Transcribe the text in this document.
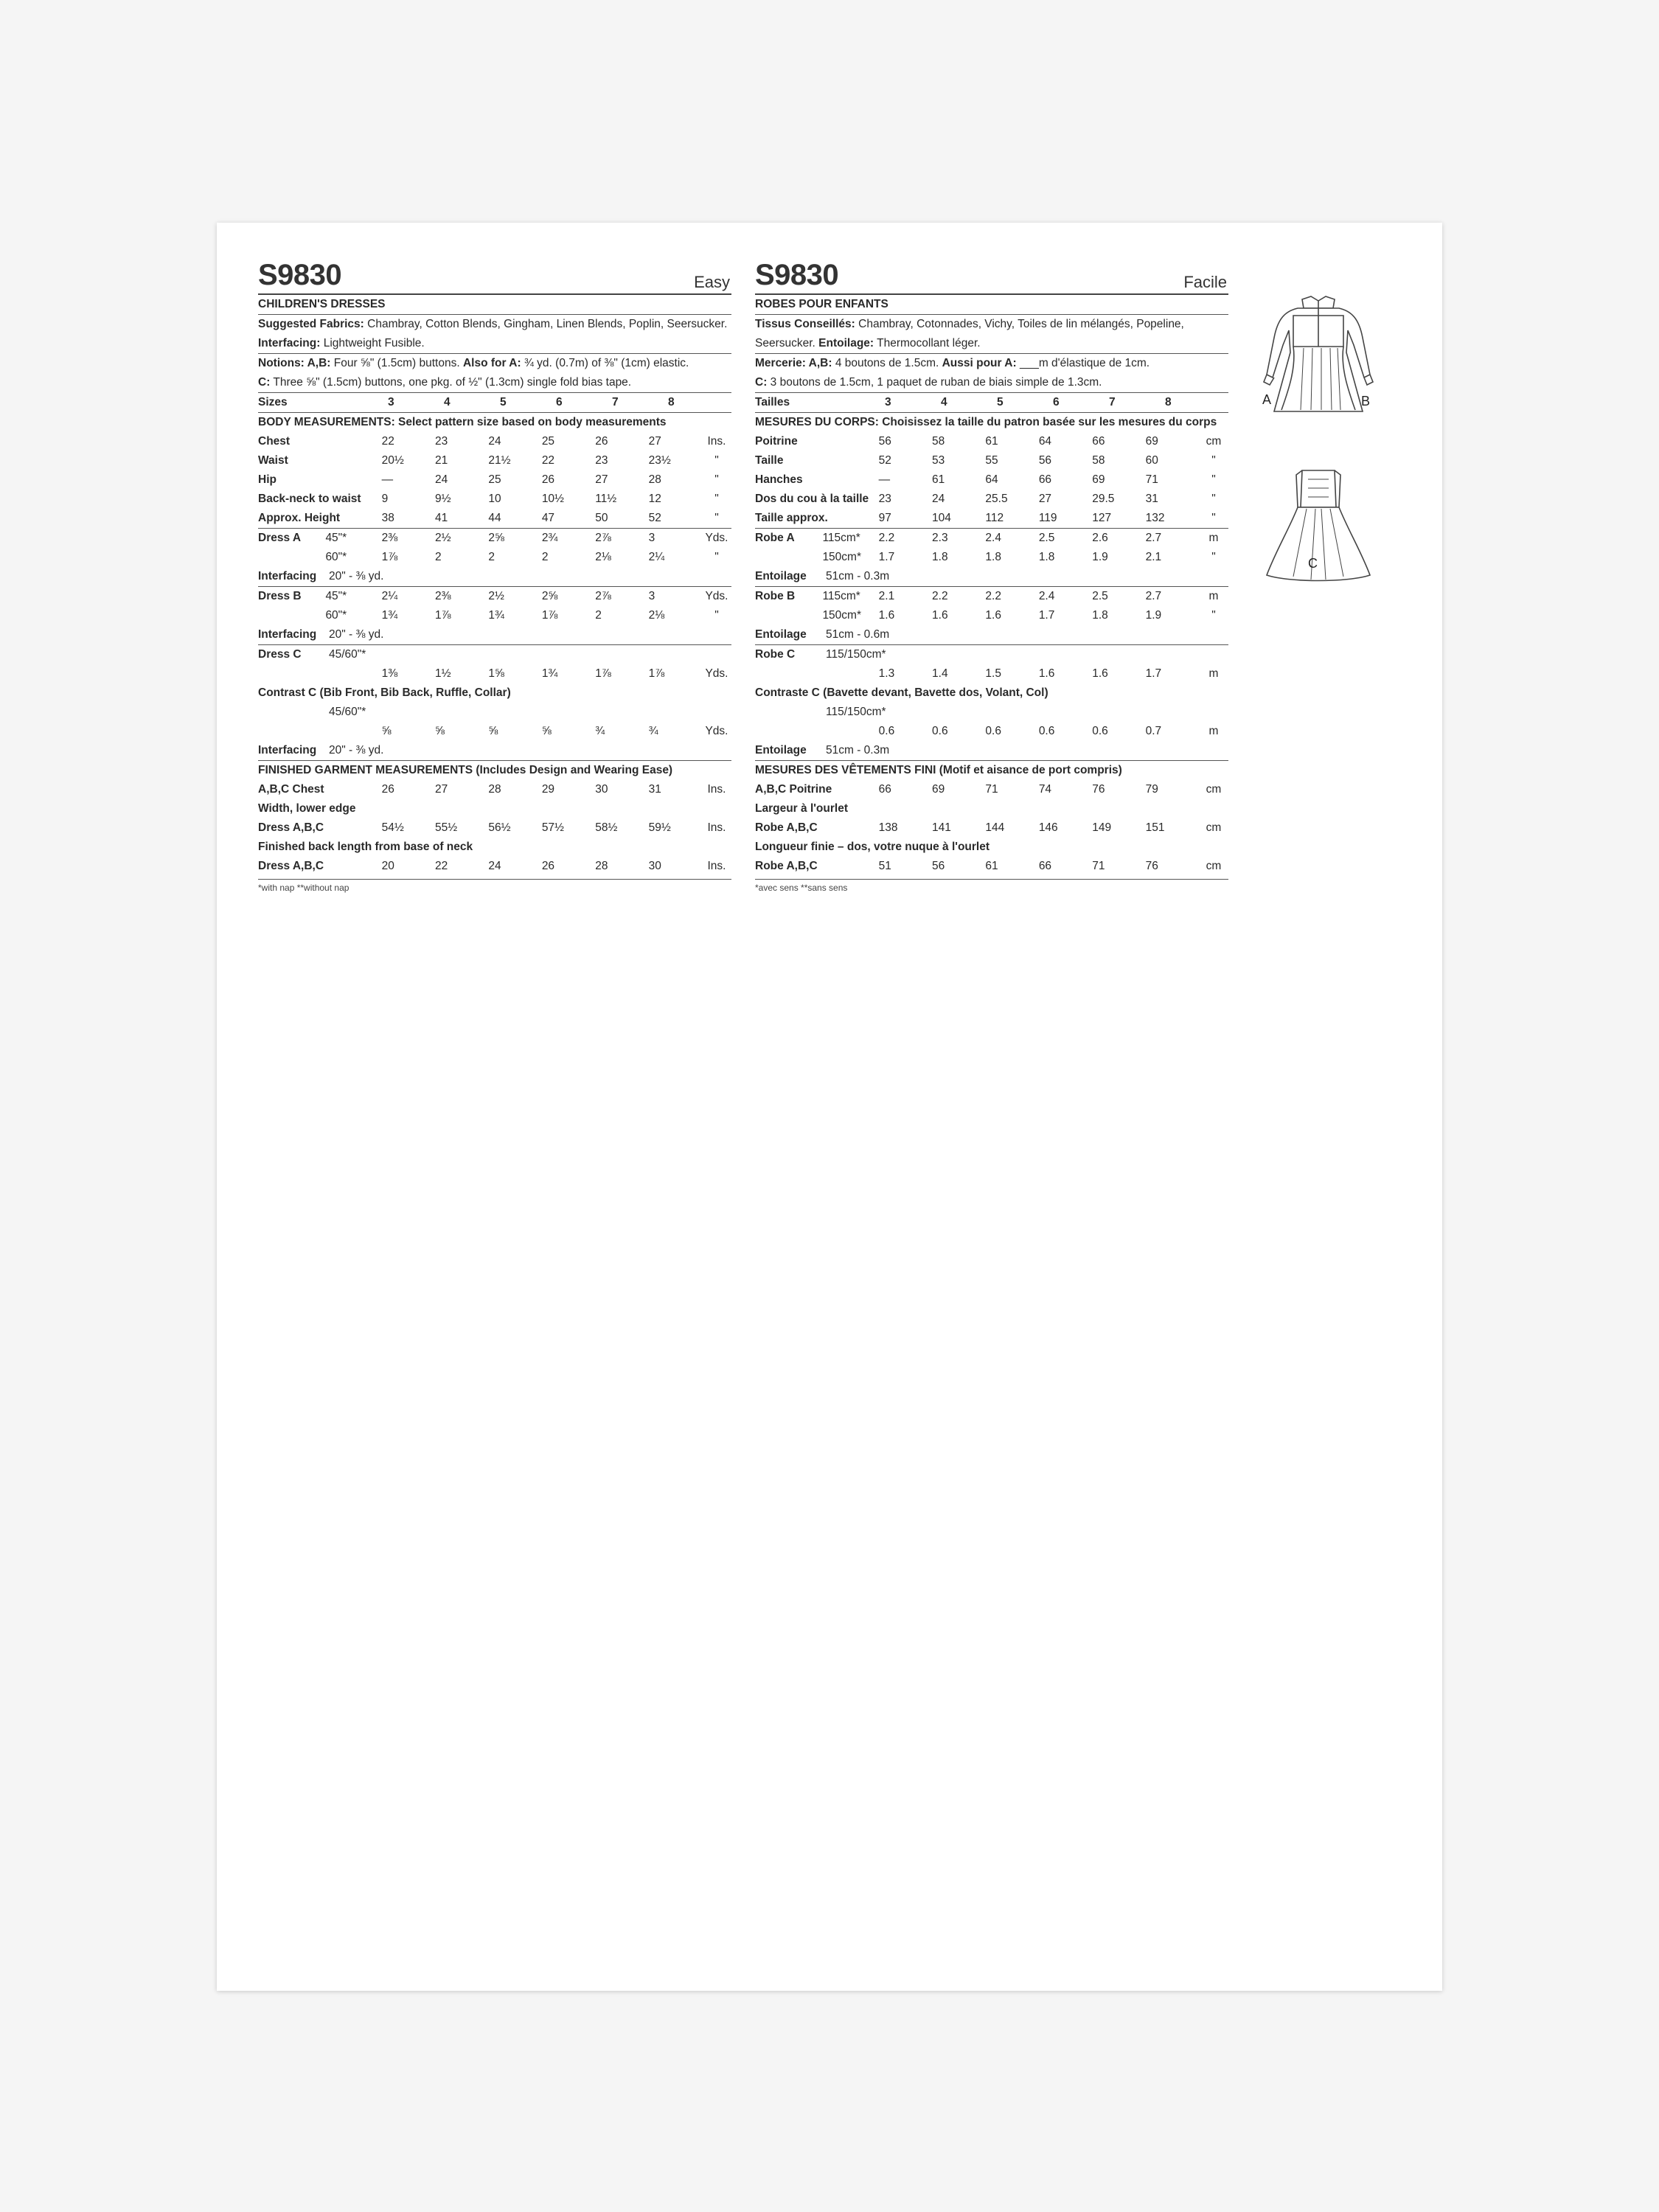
S9830	Easy
CHILDREN'S DRESSES
Suggested Fabrics: Chambray, Cotton Blends, Gingham, Linen Blends, Poplin, Seersucker. Interfacing: Lightweight Fusible.
Notions: A,B: Four ⅝" (1.5cm) buttons. Also for A: ¾ yd. (0.7m) of ⅜" (1cm) elastic.
C: Three ⅝" (1.5cm) buttons, one pkg. of ½" (1.3cm) single fold bias tape.
Sizes	3	4	5	6	7	8
BODY MEASUREMENTS: Select pattern size based on body measurements
Chest	22	23	24	25	26	27	Ins.
Waist	20½	21	21½	22	23	23½	"
Hip	—	24	25	26	27	28	"
Back-neck to waist	9	9½	10	10½	11½	12	"
Approx. Height	38	41	44	47	50	52	"
Dress A	45"*	2⅜	2½	2⅝	2¾	2⅞	3	Yds.
60"*	1⅞	2	2	2	2⅛	2¼	"
Interfacing	20" - ⅜ yd.
Dress B	45"*	2¼	2⅜	2½	2⅝	2⅞	3	Yds.
60"*	1¾	1⅞	1¾	1⅞	2	2⅛	"
Interfacing	20" - ⅜ yd.
Dress C	45/60"*
1⅜	1½	1⅝	1¾	1⅞	1⅞	Yds.
Contrast C (Bib Front, Bib Back, Ruffle, Collar)
45/60"*
⅝	⅝	⅝	⅝	¾	¾	Yds.
Interfacing	20" - ⅜ yd.
FINISHED GARMENT MEASUREMENTS (Includes Design and Wearing Ease)
A,B,C Chest	26	27	28	29	30	31	Ins.
Width, lower edge
Dress A,B,C	54½	55½	56½	57½	58½	59½	Ins.
Finished back length from base of neck
Dress A,B,C	20	22	24	26	28	30	Ins.
*with nap **without nap
S9830	Facile
ROBES POUR ENFANTS
Tissus Conseillés: Chambray, Cotonnades, Vichy, Toiles de lin mélangés, Popeline, Seersucker. Entoilage: Thermocollant léger.
Mercerie: A,B: 4 boutons de 1.5cm. Aussi pour A: ___m d'élastique de 1cm.
C: 3 boutons de 1.5cm, 1 paquet de ruban de biais simple de 1.3cm.
Tailles	3	4	5	6	7	8
MESURES DU CORPS: Choisissez la taille du patron basée sur les mesures du corps
Poitrine	56	58	61	64	66	69	cm
Taille	52	53	55	56	58	60	"
Hanches	—	61	64	66	69	71	"
Dos du cou à la taille 23	24	25.5	27	29.5	31	"
Taille approx.	97	104	112	119	127	132	"
Robe A	115cm*	2.2	2.3	2.4	2.5	2.6	2.7	m
150cm*	1.7	1.8	1.8	1.8	1.9	2.1	"
Entoilage	51cm - 0.3m
Robe B	115cm*	2.1	2.2	2.2	2.4	2.5	2.7	m
150cm*	1.6	1.6	1.6	1.7	1.8	1.9	"
Entoilage	51cm - 0.6m
Robe C	115/150cm*
1.3	1.4	1.5	1.6	1.6	1.7	m
Contraste C (Bavette devant, Bavette dos, Volant, Col)
115/150cm*
0.6	0.6	0.6	0.6	0.6	0.7	m
Entoilage	51cm - 0.3m
MESURES DES VÊTEMENTS FINI (Motif et aisance de port compris)
A,B,C Poitrine	66	69	71	74	76	79	cm
Largeur à l'ourlet
Robe A,B,C	138	141	144	146	149	151	cm
Longueur finie – dos, votre nuque à l'ourlet
Robe A,B,C	51	56	61	66	71	76	cm
*avec sens **sans sens
A	B
C
